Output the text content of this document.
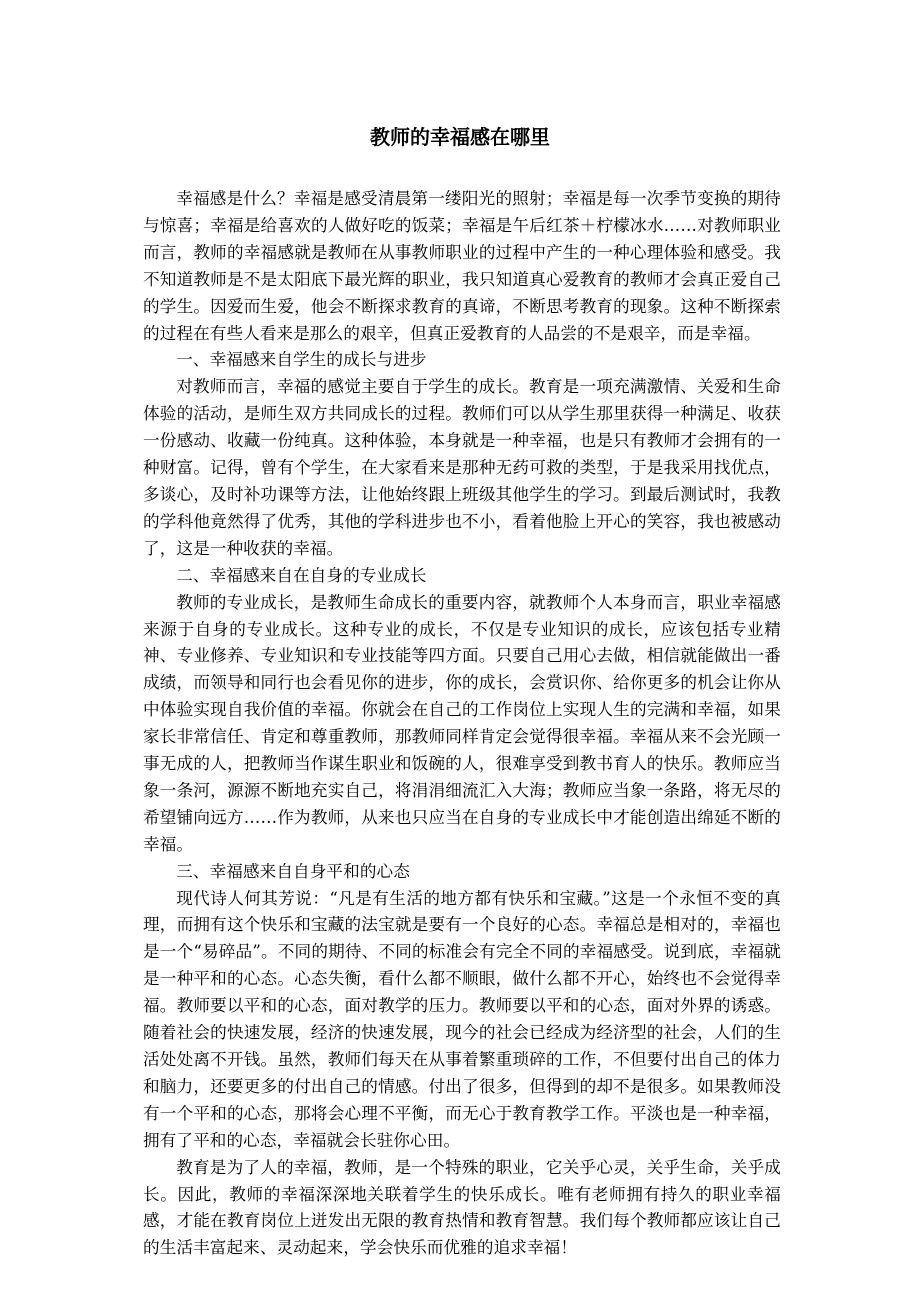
教师的幸福感在哪里

幸福感是什么？幸福是感受清晨第一缕阳光的照射；幸福是每一次季节变换的期待与惊喜；幸福是给喜欢的人做好吃的饭菜；幸福是午后红茶＋柠檬冰水……对教师职业而言，教师的幸福感就是教师在从事教师职业的过程中产生的一种心理体验和感受。我不知道教师是不是太阳底下最光辉的职业，我只知道真心爱教育的教师才会真正爱自己的学生。因爱而生爱，他会不断探求教育的真谛，不断思考教育的现象。这种不断探索的过程在有些人看来是那么的艰辛，但真正爱教育的人品尝的不是艰辛，而是幸福。

一、幸福感来自学生的成长与进步

对教师而言，幸福的感觉主要自于学生的成长。教育是一项充满激情、关爱和生命体验的活动，是师生双方共同成长的过程。教师们可以从学生那里获得一种满足、收获一份感动、收藏一份纯真。这种体验，本身就是一种幸福，也是只有教师才会拥有的一种财富。记得，曾有个学生，在大家看来是那种无药可救的类型，于是我采用找优点，多谈心，及时补功课等方法，让他始终跟上班级其他学生的学习。到最后测试时，我教的学科他竟然得了优秀，其他的学科进步也不小，看着他脸上开心的笑容，我也被感动了，这是一种收获的幸福。

二、幸福感来自在自身的专业成长

教师的专业成长，是教师生命成长的重要内容，就教师个人本身而言，职业幸福感来源于自身的专业成长。这种专业的成长，不仅是专业知识的成长，应该包括专业精神、专业修养、专业知识和专业技能等四方面。只要自己用心去做，相信就能做出一番成绩，而领导和同行也会看见你的进步，你的成长，会赏识你、给你更多的机会让你从中体验实现自我价值的幸福。你就会在自己的工作岗位上实现人生的完满和幸福，如果家长非常信任、肯定和尊重教师，那教师同样肯定会觉得很幸福。幸福从来不会光顾一事无成的人，把教师当作谋生职业和饭碗的人，很难享受到教书育人的快乐。教师应当象一条河，源源不断地充实自己，将涓涓细流汇入大海；教师应当象一条路，将无尽的希望铺向远方……作为教师，从来也只应当在自身的专业成长中才能创造出绵延不断的幸福。

三、幸福感来自自身平和的心态

现代诗人何其芳说：“凡是有生活的地方都有快乐和宝藏。”这是一个永恒不变的真理，而拥有这个快乐和宝藏的法宝就是要有一个良好的心态。幸福总是相对的，幸福也是一个“易碎品”。不同的期待、不同的标准会有完全不同的幸福感受。说到底，幸福就是一种平和的心态。心态失衡，看什么都不顺眼，做什么都不开心，始终也不会觉得幸福。教师要以平和的心态，面对教学的压力。教师要以平和的心态，面对外界的诱惑。随着社会的快速发展，经济的快速发展，现今的社会已经成为经济型的社会，人们的生活处处离不开钱。虽然，教师们每天在从事着繁重琐碎的工作，不但要付出自己的体力和脑力，还要更多的付出自己的情感。付出了很多，但得到的却不是很多。如果教师没有一个平和的心态，那将会心理不平衡，而无心于教育教学工作。平淡也是一种幸福，拥有了平和的心态，幸福就会长驻你心田。

教育是为了人的幸福，教师，是一个特殊的职业，它关乎心灵，关乎生命，关乎成长。因此，教师的幸福深深地关联着学生的快乐成长。唯有老师拥有持久的职业幸福感，才能在教育岗位上迸发出无限的教育热情和教育智慧。我们每个教师都应该让自己的生活丰富起来、灵动起来，学会快乐而优雅的追求幸福！
